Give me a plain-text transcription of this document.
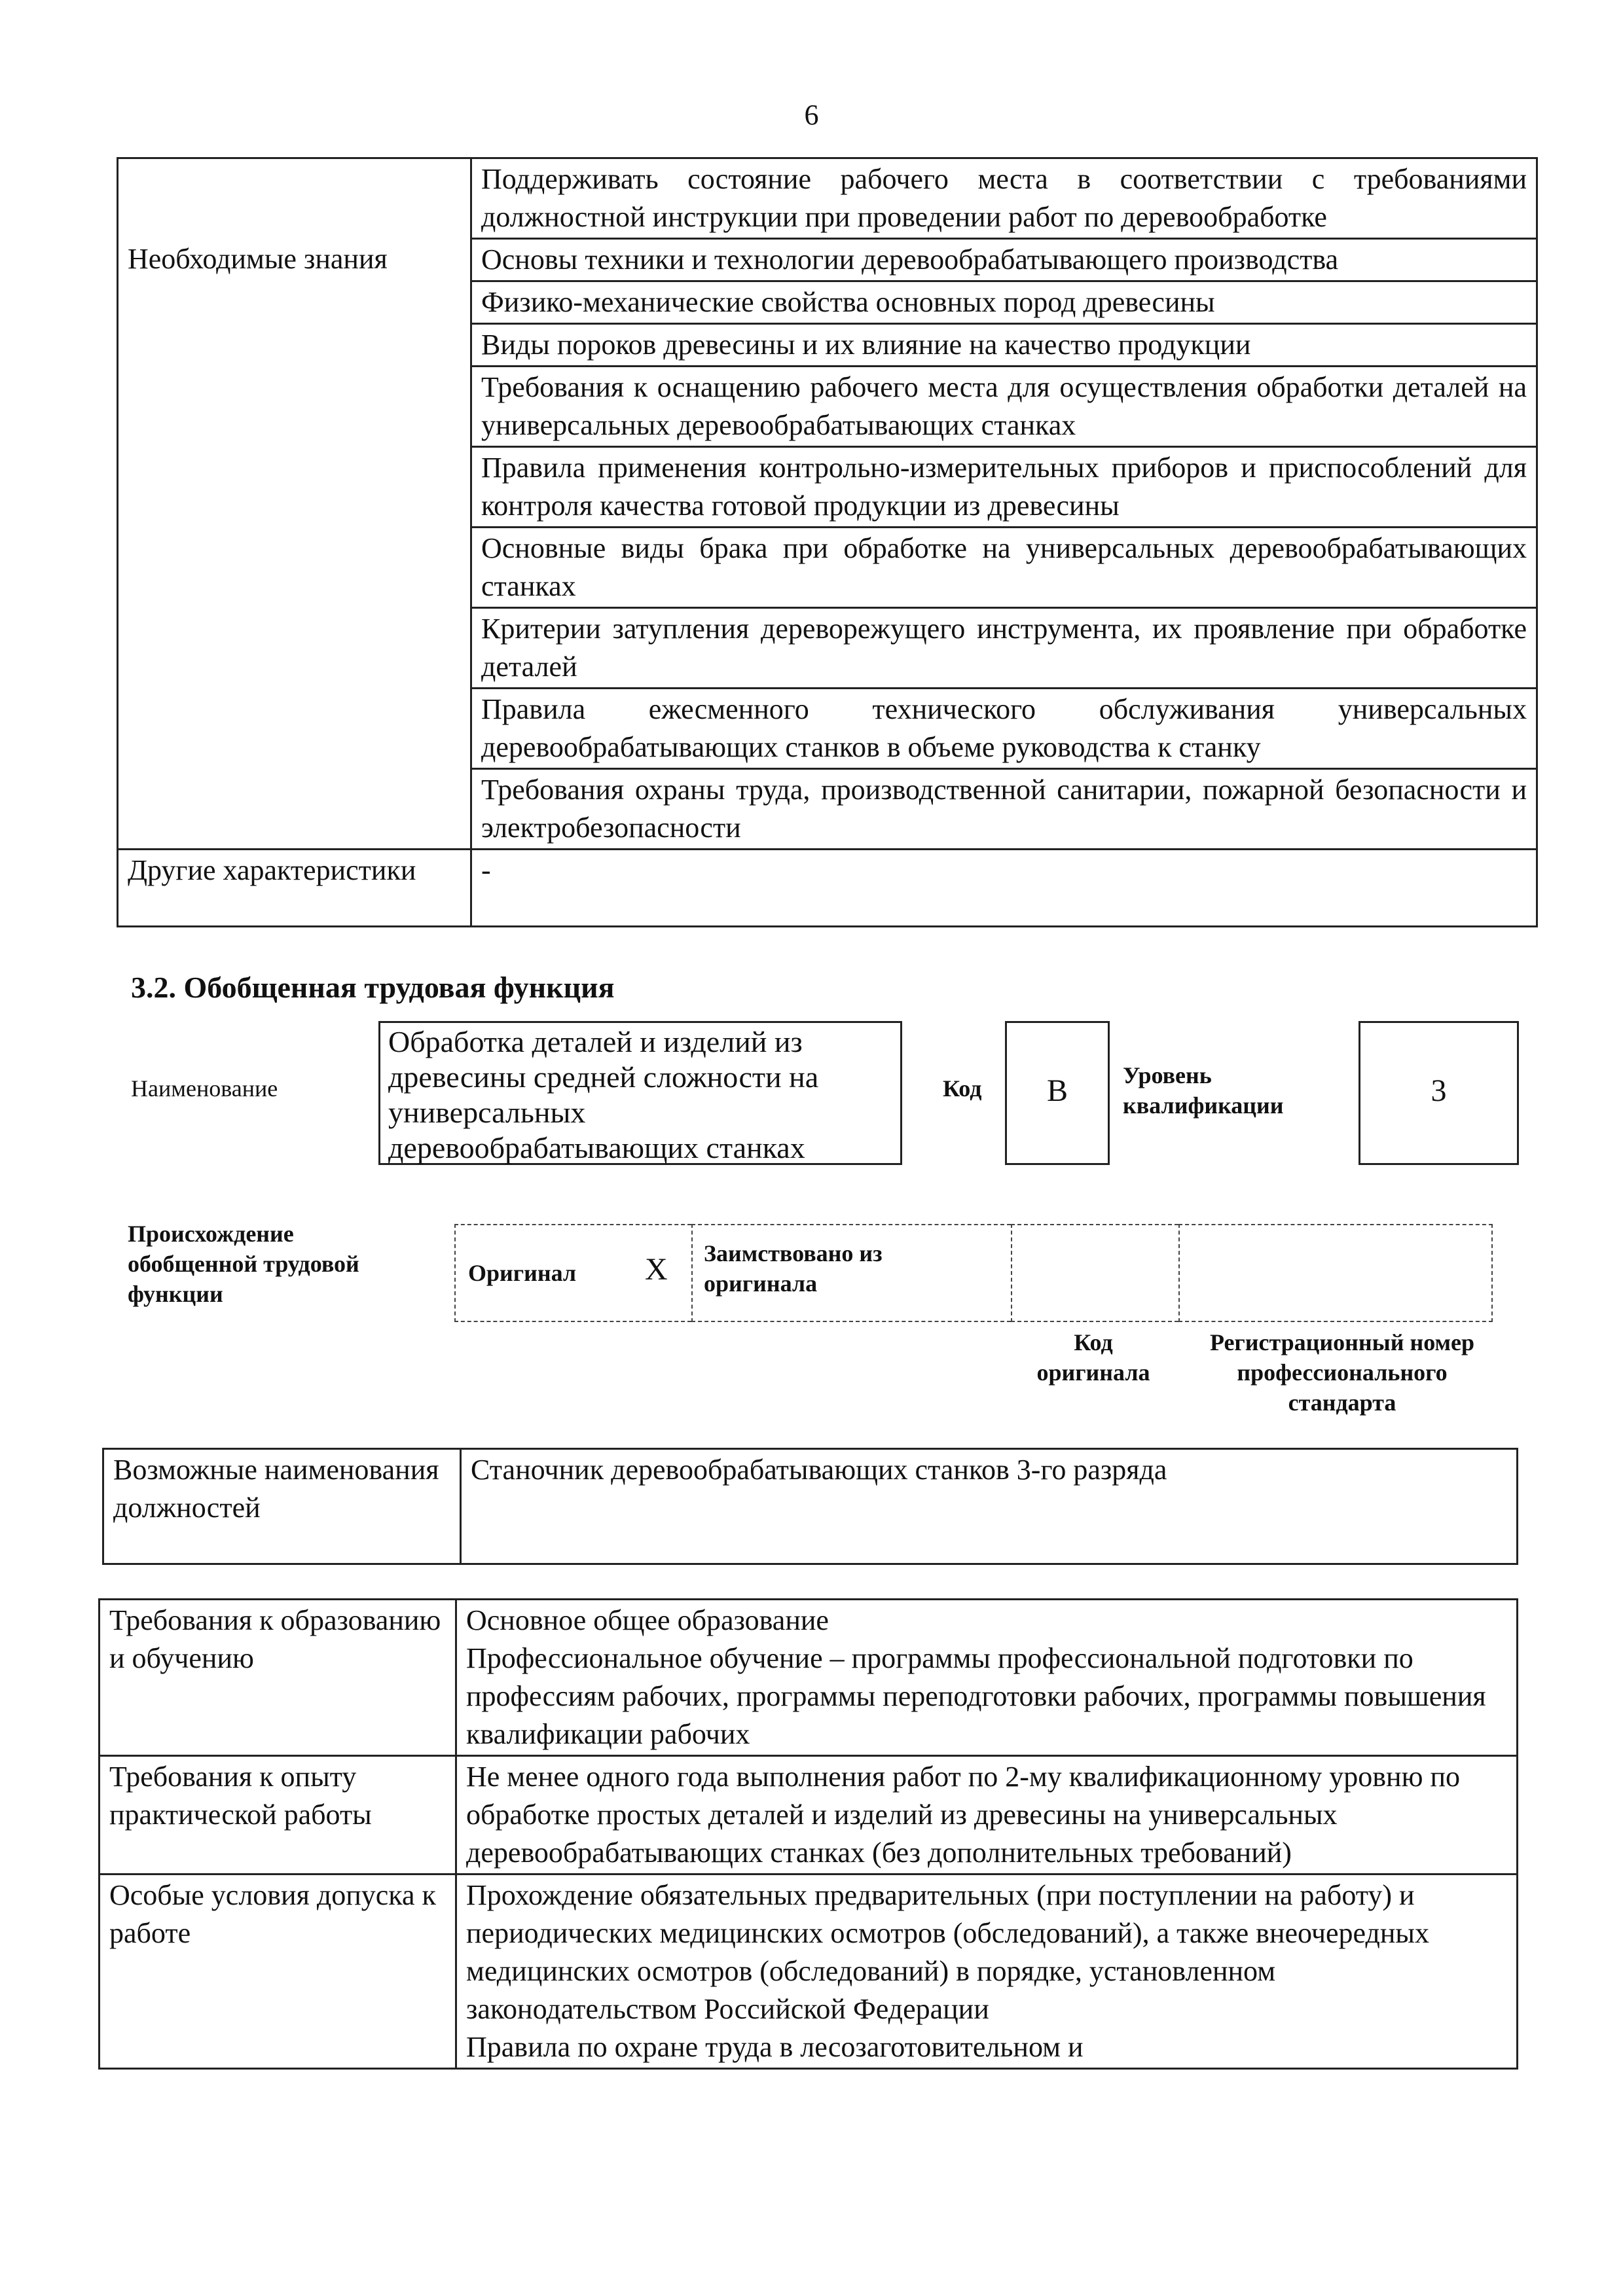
6
	Поддерживать состояние рабочего места в соответствии с требованиями должностной инструкции при проведении работ по деревообработке
Необходимые знания	Основы техники и технологии деревообрабатывающего производства
	Физико-механические свойства основных пород древесины
	Виды пороков древесины и их влияние на качество продукции
	Требования к оснащению рабочего места для осуществления обработки деталей на универсальных деревообрабатывающих станках
	Правила применения контрольно-измерительных приборов и приспособлений для контроля качества готовой продукции из древесины
	Основные виды брака при обработке на универсальных деревообрабатывающих станках
	Критерии затупления дереворежущего инструмента, их проявление при обработке деталей
	Правила ежесменного технического обслуживания универсальных деревообрабатывающих станков в объеме руководства к станку
	Требования охраны труда, производственной санитарии, пожарной безопасности и электробезопасности
Другие характеристики	-
3.2. Обобщенная трудовая функция
Наименование
Обработка деталей и изделий из древесины средней сложности на универсальных деревообрабатывающих станках
Код	B	Уровень квалификации	3
Происхождение обобщенной трудовой функции
Оригинал X Заимствовано из оригинала
Код оригинала
Регистрационный номер профессионального стандарта
Возможные наименования должностей	Станочник деревообрабатывающих станков 3-го разряда
Требования к образованию и обучению	Основное общее образование
Профессиональное обучение – программы профессиональной подготовки по профессиям рабочих, программы переподготовки рабочих, программы повышения квалификации рабочих

Требования к опыту практической работы	Не менее одного года выполнения работ по 2-му квалификационному уровню по обработке простых деталей и изделий из древесины на универсальных деревообрабатывающих станках (без дополнительных требований)

Особые условия допуска к работе	Прохождение обязательных предварительных (при поступлении на работу) и периодических медицинских осмотров (обследований), а также внеочередных медицинских осмотров (обследований) в порядке, установленном законодательством Российской Федерации
Правила по охране труда в лесозаготовительном и
